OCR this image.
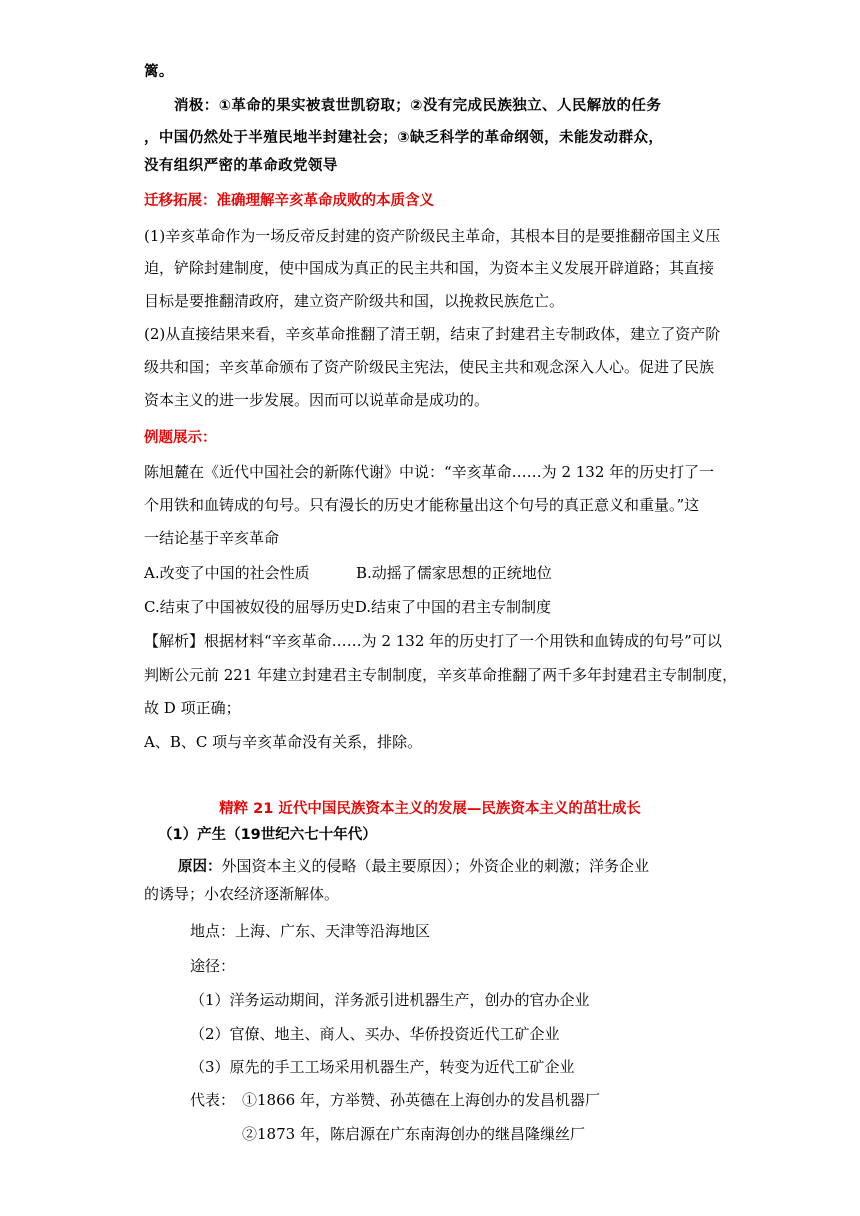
篱。
消极：①革命的果实被袁世凯窃取；②没有完成民族独立、人民解放的任务
，中国仍然处于半殖民地半封建社会；③缺乏科学的革命纲领，未能发动群众，
没有组织严密的革命政党领导
迁移拓展：准确理解辛亥革命成败的本质含义
(1)辛亥革命作为一场反帝反封建的资产阶级民主革命，其根本目的是要推翻帝国主义压
迫，铲除封建制度，使中国成为真正的民主共和国，为资本主义发展开辟道路；其直接
目标是要推翻清政府，建立资产阶级共和国，以挽救民族危亡。
(2)从直接结果来看，辛亥革命推翻了清王朝，结束了封建君主专制政体，建立了资产阶
级共和国；辛亥革命颁布了资产阶级民主宪法，使民主共和观念深入人心。促进了民族
资本主义的进一步发展。因而可以说革命是成功的。
例题展示：
陈旭麓在《近代中国社会的新陈代谢》中说：“辛亥革命……为 2 132 年的历史打了一
个用铁和血铸成的句号。只有漫长的历史才能称量出这个句号的真正意义和重量。”这
一结论基于辛亥革命
A.改变了中国的社会性质	B.动摇了儒家思想的正统地位
C.结束了中国被奴役的屈辱历史D.结束了中国的君主专制制度
【解析】根据材料“辛亥革命……为 2 132 年的历史打了一个用铁和血铸成的句号”可以
判断公元前 221 年建立封建君主专制制度，辛亥革命推翻了两千多年封建君主专制制度，
故 D 项正确；
A、B、C 项与辛亥革命没有关系，排除。
精粹 21 近代中国民族资本主义的发展—民族资本主义的茁壮成长
（1）产生（19世纪六七十年代）
原因：外国资本主义的侵略（最主要原因）；外资企业的刺激；洋务企业
的诱导；小农经济逐渐解体。
地点：上海、广东、天津等沿海地区
途径：
（1）洋务运动期间，洋务派引进机器生产，创办的官办企业
（2）官僚、地主、商人、买办、华侨投资近代工矿企业
（3）原先的手工工场采用机器生产，转变为近代工矿企业
代表： ①1866 年，方举赞、孙英德在上海创办的发昌机器厂
②1873 年，陈启源在广东南海创办的继昌隆缫丝厂
